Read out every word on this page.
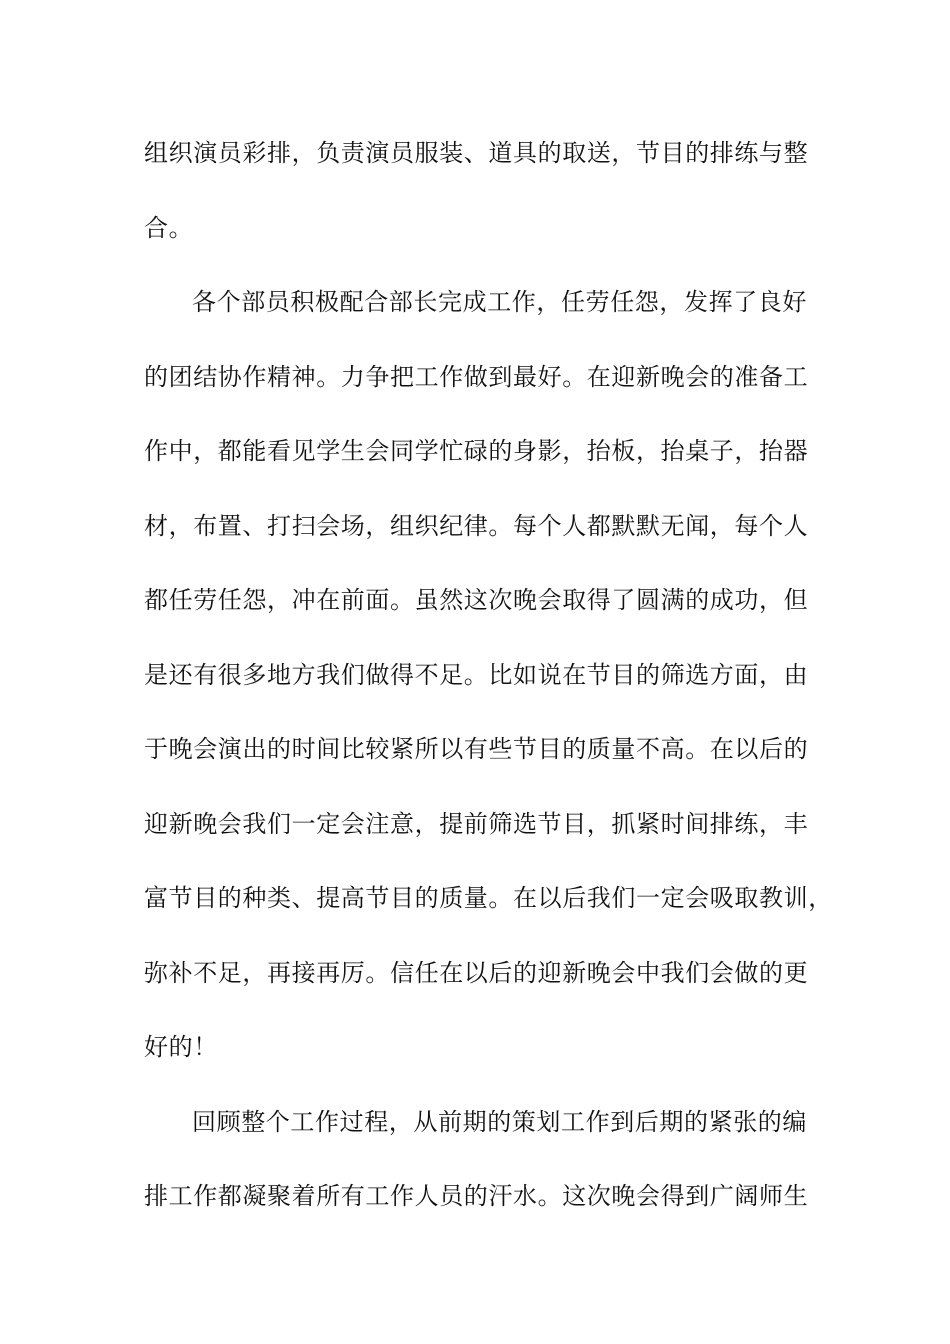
组织演员彩排，负责演员服装、道具的取送，节目的排练与整
合。
各个部员积极配合部长完成工作，任劳任怨，发挥了良好
的团结协作精神。力争把工作做到最好。在迎新晚会的准备工
作中，都能看见学生会同学忙碌的身影，抬板，抬桌子，抬器
材，布置、打扫会场，组织纪律。每个人都默默无闻，每个人
都任劳任怨，冲在前面。虽然这次晚会取得了圆满的成功，但
是还有很多地方我们做得不足。比如说在节目的筛选方面，由
于晚会演出的时间比较紧所以有些节目的质量不高。在以后的
迎新晚会我们一定会注意，提前筛选节目，抓紧时间排练，丰
富节目的种类、提高节目的质量。在以后我们一定会吸取教训，
弥补不足，再接再厉。信任在以后的迎新晚会中我们会做的更
好的！
回顾整个工作过程，从前期的策划工作到后期的紧张的编
排工作都凝聚着所有工作人员的汗水。这次晚会得到广阔师生
